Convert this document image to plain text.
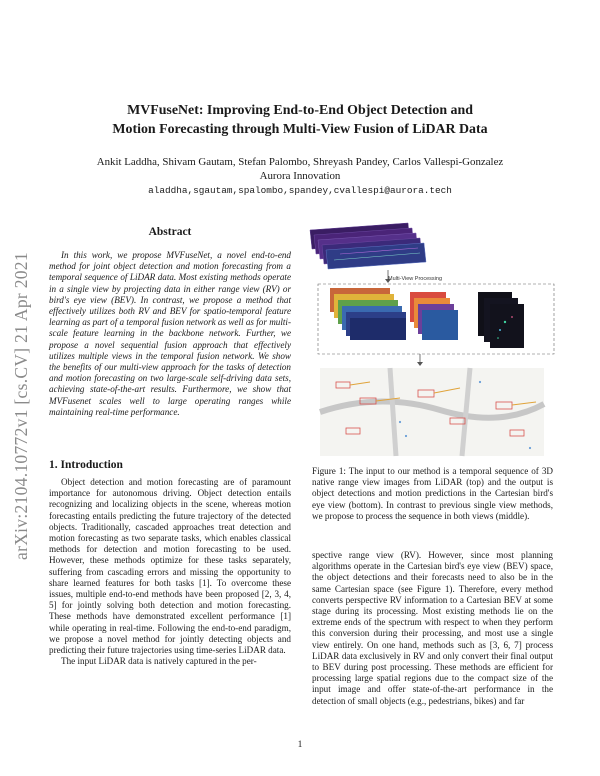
arXiv:2104.10772v1 [cs.CV] 21 Apr 2021
MVFuseNet: Improving End-to-End Object Detection and
Motion Forecasting through Multi-View Fusion of LiDAR Data
Ankit Laddha, Shivam Gautam, Stefan Palombo, Shreyash Pandey, Carlos Vallespi-Gonzalez
Aurora Innovation
aladdha,sgautam,spalombo,spandey,cvallespi@aurora.tech
Abstract

In this work, we propose MVFuseNet, a novel end-to-end method for joint object detection and motion forecasting from a temporal sequence of LiDAR data. Most existing methods operate in a single view by projecting data in either range view (RV) or bird's eye view (BEV). In contrast, we propose a method that effectively utilizes both RV and BEV for spatio-temporal feature learning as part of a temporal fusion network as well as for multi-scale feature learning in the backbone network. Further, we propose a novel sequential fusion approach that effectively utilizes multiple views in the temporal fusion network. We show the benefits of our multi-view approach for the tasks of detection and motion forecasting on two large-scale self-driving data sets, achieving state-of-the-art results. Furthermore, we show that MVFusenet scales well to large operating ranges while maintaining real-time performance.

1. Introduction

Object detection and motion forecasting are of paramount importance for autonomous driving. Object detection entails recognizing and localizing objects in the scene, whereas motion forecasting entails predicting the future trajectory of the detected objects. Traditionally, cascaded approaches treat detection and motion forecasting as two separate tasks, which enables classical methods for detection and motion forecasting to be used. However, these methods optimize for these tasks separately, suffering from cascading errors and missing the opportunity to share learned features for both tasks [1]. To overcome these issues, multiple end-to-end methods have been proposed [2, 3, 4, 5] for jointly solving both detection and motion forecasting. These methods have demonstrated excellent performance [1] while operating in real-time. Following the end-to-end paradigm, we propose a novel method for jointly detecting objects and predicting their future trajectories using time-series LiDAR data.

The input LiDAR data is natively captured in the per-

Multi-View Processing

Figure 1: The input to our method is a temporal sequence of 3D native range view images from LiDAR (top) and the output is object detections and motion predictions in the Cartesian bird's eye view (bottom). In contrast to previous single view methods, we propose to process the sequence in both views (middle).

spective range view (RV). However, since most planning algorithms operate in the Cartesian bird's eye view (BEV) space, the object detections and their forecasts need to also be in the same Cartesian space (see Figure 1). Therefore, every method converts perspective RV information to a Cartesian BEV at some stage during its processing. Most existing methods lie on the extreme ends of the spectrum with respect to when they perform this conversion during their processing, and most use a single view entirely. On one hand, methods such as [3, 6, 7] process LiDAR data exclusively in RV and only convert their final output to BEV during post processing. These methods are efficient for processing large spatial regions due to the compact size of the input image and offer state-of-the-art performance in the detection of small objects (e.g., pedestrians, bikes) and far

1
